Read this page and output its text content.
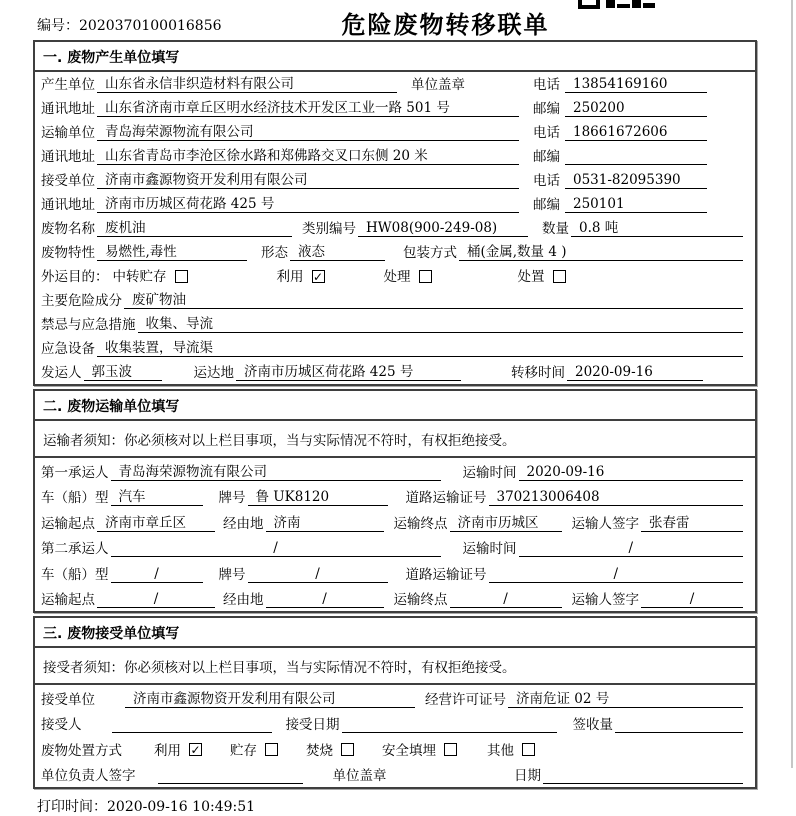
编号：2020370100016856	危险废物转移联单
一. 废物产生单位填写
产生单位 山东省永信非织造材料有限公司	单位盖章	电话 13854169160
通讯地址 山东省济南市章丘区明水经济技术开发区工业一路 501 号	邮编 250200
运输单位 青岛海荣源物流有限公司	电话 18661672606
通讯地址 山东省青岛市李沧区徐水路和郑佛路交叉口东侧 20 米	邮编
接受单位 济南市鑫源物资开发利用有限公司	电话 0531-82095390
通讯地址 济南市历城区荷花路 425 号	邮编 250101
废物名称 废机油	类别编号 HW08(900-249-08)	数量 0.8 吨
废物特性 易燃性,毒性	形态 液态	包装方式 桶(金属,数量 4 )
外运目的： 中转贮存	利用 ✓	处理	处置
主要危险成分 废矿物油
禁忌与应急措施 收集、导流
应急设备 收集装置，导流渠
发运人 郭玉波	运达地 济南市历城区荷花路 425 号	转移时间 2020-09-16
二. 废物运输单位填写
运输者须知：你必须核对以上栏目事项，当与实际情况不符时，有权拒绝接受。
第一承运人 青岛海荣源物流有限公司	运输时间 2020-09-16
车（船）型 汽车	牌号 鲁 UK8120	道路运输证号 370213006408
运输起点 济南市章丘区	经由地 济南	运输终点 济南市历城区	运输人签字 张春雷
第二承运人	/	运输时间	/
车（船）型	/	牌号	/	道路运输证号	/
运输起点	/	经由地	/	运输终点	/	运输人签字	/
三. 废物接受单位填写
接受者须知：你必须核对以上栏目事项，当与实际情况不符时，有权拒绝接受。
接受单位	济南市鑫源物资开发利用有限公司	经营许可证号 济南危证 02 号
接受人	接受日期	签收量
废物处置方式 利用 ✓ 贮存	焚烧	安全填埋	其他
单位负责人签字	单位盖章	日期
打印时间：2020-09-16 10:49:51
